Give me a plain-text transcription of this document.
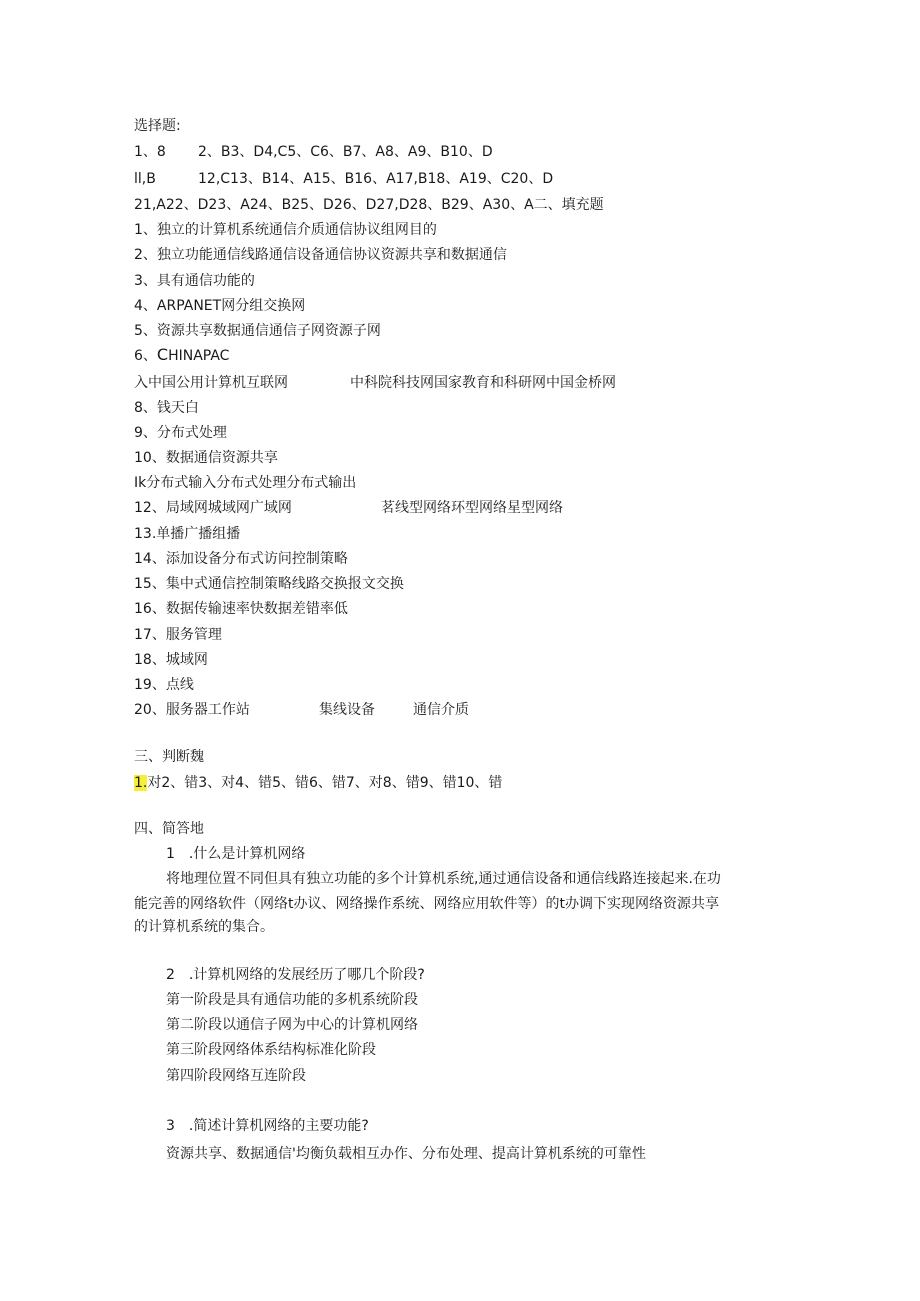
选择题:
1、8 2、B3、D4,C5、C6、B7、A8、A9、B10、D
ll,B	12,C13、B14、A15、B16、A17,B18、A19、C20、D
21,A22、D23、A24、B25、D26、D27,D28、B29、A30、A二、填充题
1、独立的计算机系统通信介质通信协议组网目的
2、独立功能通信线路通信设备通信协议资源共享和数据通信
3、具有通信功能的
4、ARPANET网分组交换网
5、资源共享数据通信通信子网资源子网
6、CHINAPAC
入中国公用计算机互联网	中科院科技网国家教育和科研网中国金桥网
8、钱天白
9、分布式处理
10、数据通信资源共享
Ik分布式输入分布式处理分布式输出
12、局域网城域网广域网	茗线型网络环型网络星型网络
13.单播广播组播
14、添加设备分布式访问控制策略
15、集中式通信控制策略线路交换报文交换
16、数据传输速率快数据差错率低
17、服务管理
18、城域网
19、点线
20、服务器工作站	集线设备	通信介质
三、判断魏
1.对2、错3、对4、错5、错6、错7、对8、错9、错10、错
四、简答地
1　.什么是计算机网络
将地理位置不同但具有独立功能的多个计算机系统,通过通信设备和通信线路连接起来.在功
能完善的网络软件（网络t办议、网络操作系统、网络应用软件等）的t办调下实现网络资源共享
的计算机系统的集合。
2　.计算机网络的发展经历了哪几个阶段?
第一阶段是具有通信功能的多机系统阶段
第二阶段以通信子网为中心的计算机网络
第三阶段网络体系结构标准化阶段
第四阶段网络互连阶段
3　.简述计算机网络的主要功能?
资源共享、数据通信'均衡负载相互办作、分布处理、提高计算机系统的可靠性
